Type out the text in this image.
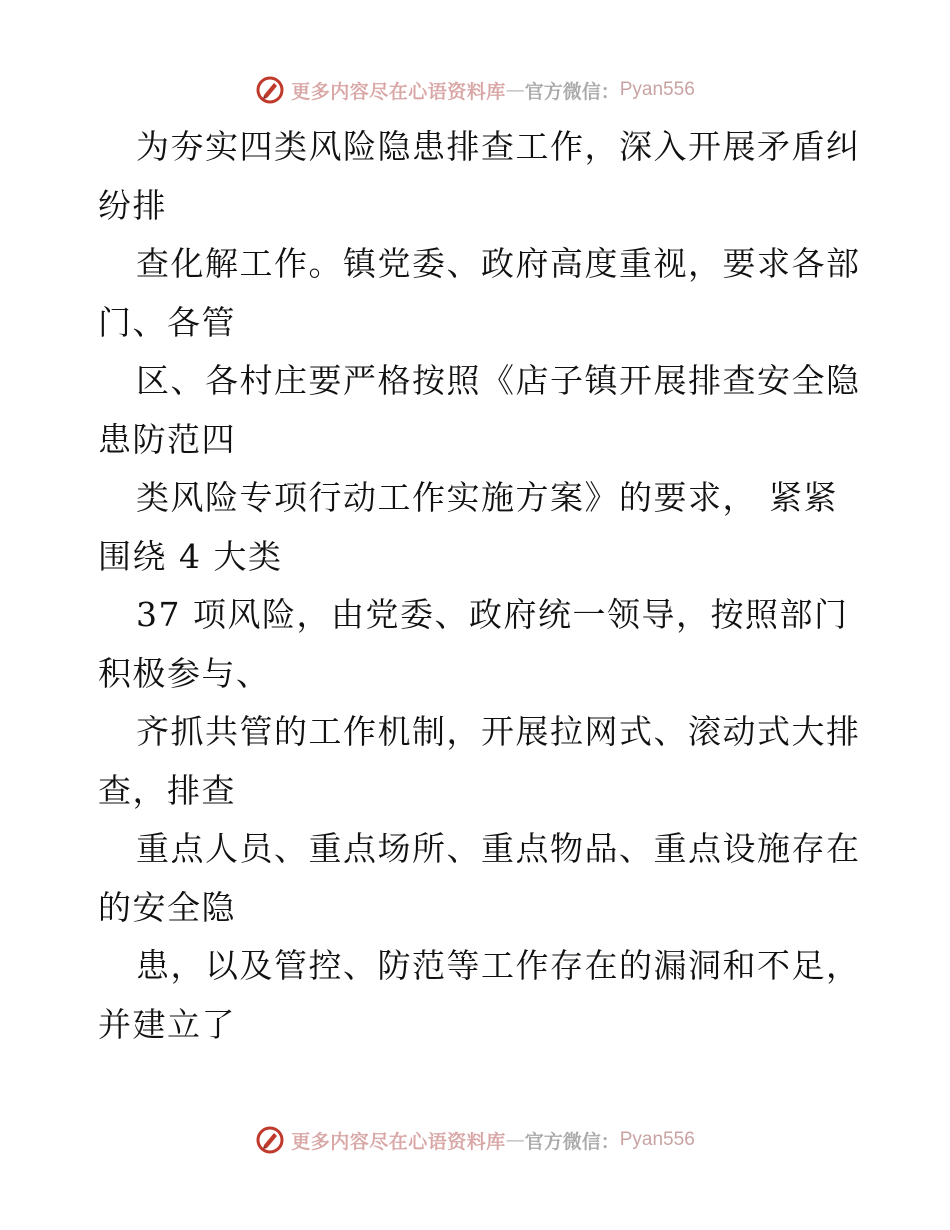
更多内容尽在心语资料库 — 官方微信： Pyan556
为夯实四类风险隐患排查工作，深入开展矛盾纠
纷排
查化解工作。镇党委、政府高度重视，要求各部
门、各管
区、各村庄要严格按照《店子镇开展排查安全隐
患防范四
类风险专项行动工作实施方案》的要求， 紧紧
围绕 4 大类
37 项风险，由党委、政府统一领导，按照部门
积极参与、
齐抓共管的工作机制，开展拉网式、滚动式大排
查，排查
重点人员、重点场所、重点物品、重点设施存在
的安全隐
患，以及管控、防范等工作存在的漏洞和不足，
并建立了
更多内容尽在心语资料库 — 官方微信： Pyan556
